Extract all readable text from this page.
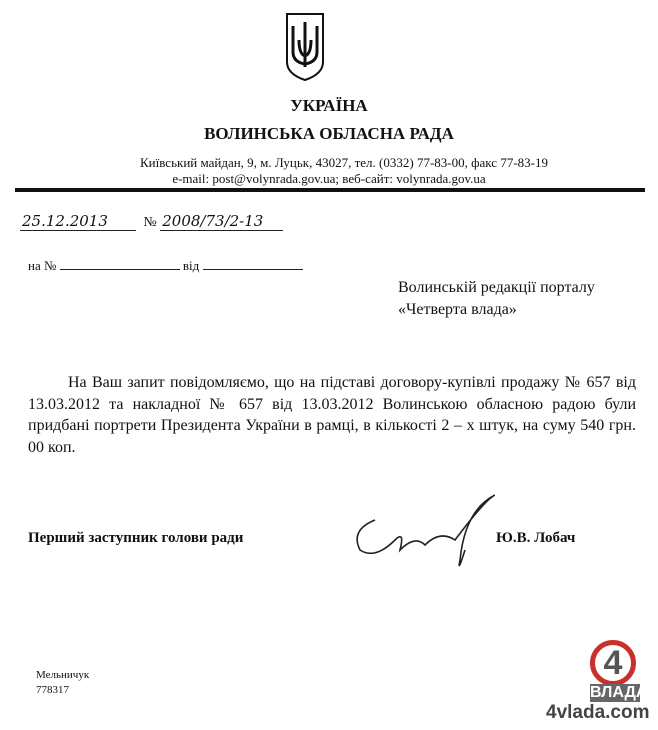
УКРАЇНА
ВОЛИНСЬКА ОБЛАСНА РАДА
Київський майдан, 9, м. Луцьк, 43027, тел. (0332) 77-83-00, факс 77-83-19
e-mail: post@volynrada.gov.ua; веб-сайт: volynrada.gov.ua
25.12.2013	№ 2008/73/2-13
на №	від
Волинській редакції порталу
«Четверта влада»
На Ваш запит повідомляємо, що на підставі договору-купівлі продажу № 657 від 13.03.2012 та накладної № 657 від 13.03.2012 Волинською обласною радою були придбані портрети Президента України в рамці, в кількості 2 – х штук, на суму 540 грн. 00 коп.
Перший заступник голови ради	Ю.В. Лобач
Мельничук
778317
4
ВЛАДА
4vlada.com
